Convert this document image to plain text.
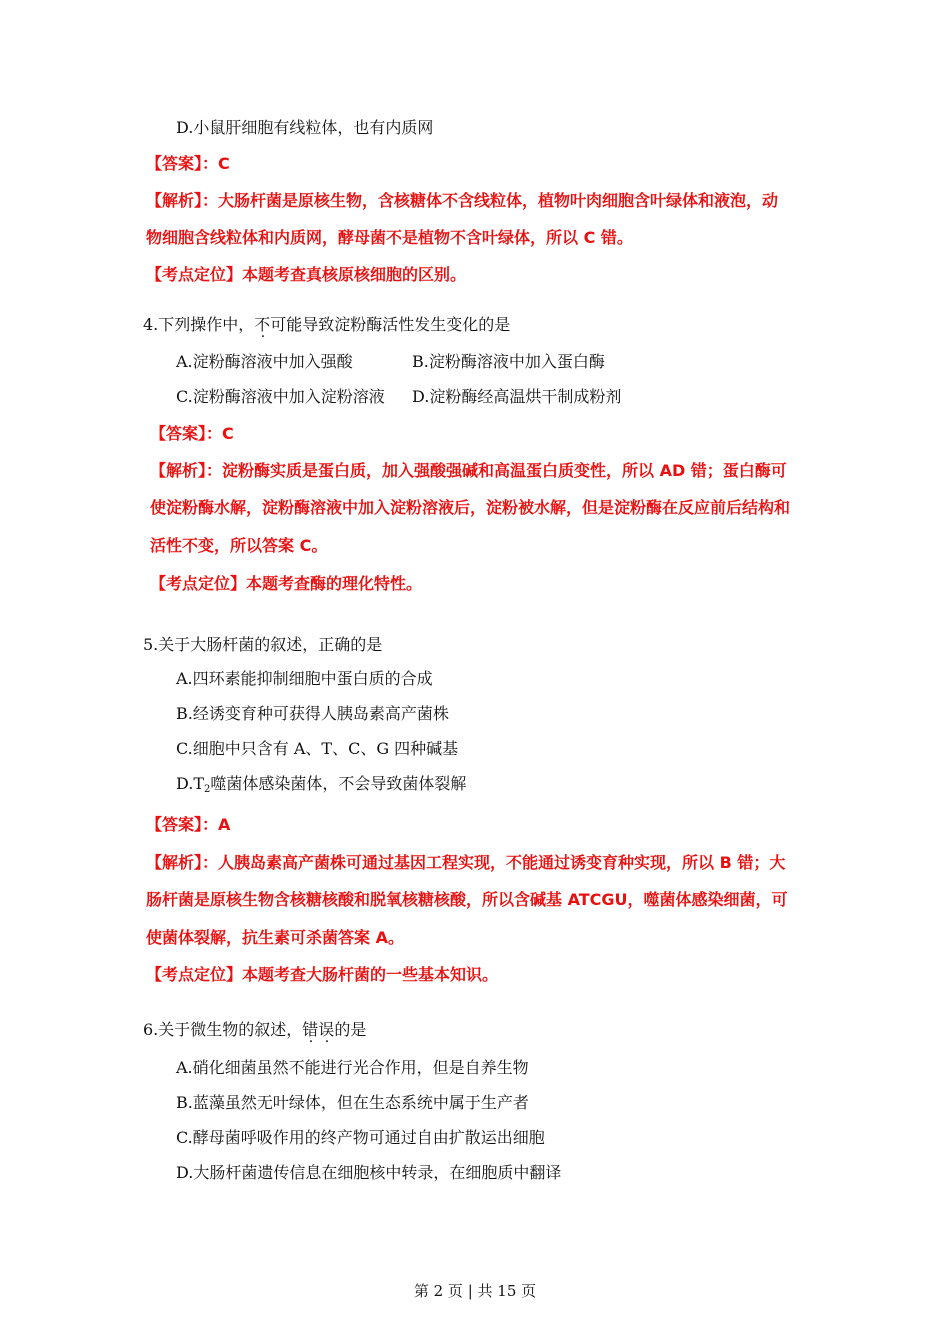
D.小鼠肝细胞有线粒体，也有内质网
【答案】：C
【解析】：大肠杆菌是原核生物，含核糖体不含线粒体，植物叶肉细胞含叶绿体和液泡，动
物细胞含线粒体和内质网，酵母菌不是植物不含叶绿体，所以 C 错。
【考点定位】本题考查真核原核细胞的区别。
4.下列操作中，不可能导致淀粉酶活性发生变化的是
A.淀粉酶溶液中加入强酸	B.淀粉酶溶液中加入蛋白酶
C.淀粉酶溶液中加入淀粉溶液 D.淀粉酶经高温烘干制成粉剂
【答案】：C
【解析】：淀粉酶实质是蛋白质，加入强酸强碱和高温蛋白质变性，所以 AD 错；蛋白酶可
使淀粉酶水解，淀粉酶溶液中加入淀粉溶液后，淀粉被水解，但是淀粉酶在反应前后结构和
活性不变，所以答案 C。
【考点定位】本题考查酶的理化特性。
5.关于大肠杆菌的叙述，正确的是
A.四环素能抑制细胞中蛋白质的合成
B.经诱变育种可获得人胰岛素高产菌株
C.细胞中只含有 A、T、C、G 四种碱基
D.T2噬菌体感染菌体，不会导致菌体裂解
【答案】：A
【解析】：人胰岛素高产菌株可通过基因工程实现，不能通过诱变育种实现，所以 B 错；大
肠杆菌是原核生物含核糖核酸和脱氧核糖核酸，所以含碱基 ATCGU，噬菌体感染细菌，可
使菌体裂解，抗生素可杀菌答案 A。
【考点定位】本题考查大肠杆菌的一些基本知识。
6.关于微生物的叙述，错误的是
A.硝化细菌虽然不能进行光合作用，但是自养生物
B.蓝藻虽然无叶绿体，但在生态系统中属于生产者
C.酵母菌呼吸作用的终产物可通过自由扩散运出细胞
D.大肠杆菌遗传信息在细胞核中转录，在细胞质中翻译
第 2 页 | 共 15 页
